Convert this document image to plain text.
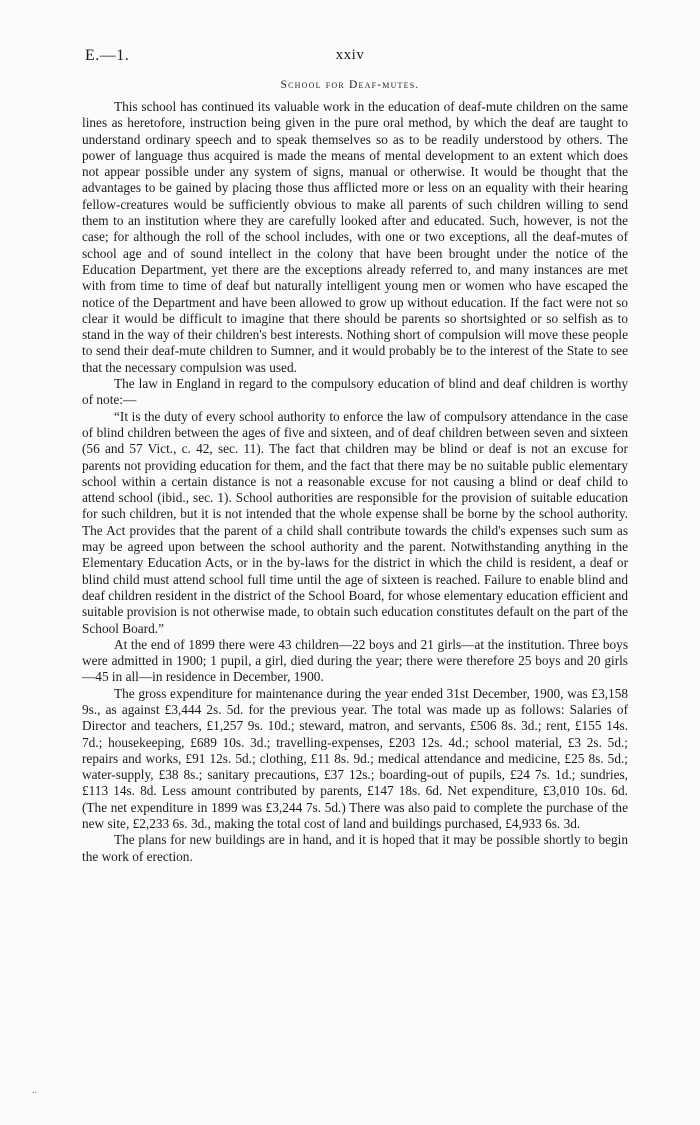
E.—1.	xxiv
School for Deaf-mutes.

This school has continued its valuable work in the education of deaf-mute children on the same lines as heretofore, instruction being given in the pure oral method, by which the deaf are taught to understand ordinary speech and to speak themselves so as to be readily understood by others. The power of language thus acquired is made the means of mental development to an extent which does not appear possible under any system of signs, manual or otherwise. It would be thought that the advantages to be gained by placing those thus afflicted more or less on an equality with their hearing fellow-creatures would be sufficiently obvious to make all parents of such children willing to send them to an institution where they are carefully looked after and educated. Such, however, is not the case; for although the roll of the school includes, with one or two exceptions, all the deaf-mutes of school age and of sound intellect in the colony that have been brought under the notice of the Education Department, yet there are the exceptions already referred to, and many instances are met with from time to time of deaf but naturally intelligent young men or women who have escaped the notice of the Department and have been allowed to grow up without education. If the fact were not so clear it would be difficult to imagine that there should be parents so shortsighted or so selfish as to stand in the way of their children's best interests. Nothing short of compulsion will move these people to send their deaf-mute children to Sumner, and it would probably be to the interest of the State to see that the necessary compulsion was used.

The law in England in regard to the compulsory education of blind and deaf children is worthy of note:—

“It is the duty of every school authority to enforce the law of compulsory attendance in the case of blind children between the ages of five and sixteen, and of deaf children between seven and sixteen (56 and 57 Vict., c. 42, sec. 11). The fact that children may be blind or deaf is not an excuse for parents not providing education for them, and the fact that there may be no suitable public elementary school within a certain distance is not a reasonable excuse for not causing a blind or deaf child to attend school (ibid., sec. 1). School authorities are responsible for the provision of suitable education for such children, but it is not intended that the whole expense shall be borne by the school authority. The Act provides that the parent of a child shall contribute towards the child's expenses such sum as may be agreed upon between the school authority and the parent. Notwithstanding anything in the Elementary Education Acts, or in the by-laws for the district in which the child is resident, a deaf or blind child must attend school full time until the age of sixteen is reached. Failure to enable blind and deaf children resident in the district of the School Board, for whose elementary education efficient and suitable provision is not otherwise made, to obtain such education constitutes default on the part of the School Board.”

At the end of 1899 there were 43 children—22 boys and 21 girls—at the institution. Three boys were admitted in 1900; 1 pupil, a girl, died during the year; there were therefore 25 boys and 20 girls—45 in all—in residence in December, 1900.

The gross expenditure for maintenance during the year ended 31st December, 1900, was £3,158 9s., as against £3,444 2s. 5d. for the previous year. The total was made up as follows: Salaries of Director and teachers, £1,257 9s. 10d.; steward, matron, and servants, £506 8s. 3d.; rent, £155 14s. 7d.; housekeeping, £689 10s. 3d.; travelling-expenses, £203 12s. 4d.; school material, £3 2s. 5d.; repairs and works, £91 12s. 5d.; clothing, £11 8s. 9d.; medical attendance and medicine, £25 8s. 5d.; water-supply, £38 8s.; sanitary precautions, £37 12s.; boarding-out of pupils, £24 7s. 1d.; sundries, £113 14s. 8d. Less amount contributed by parents, £147 18s. 6d. Net expenditure, £3,010 10s. 6d. (The net expenditure in 1899 was £3,244 7s. 5d.) There was also paid to complete the purchase of the new site, £2,233 6s. 3d., making the total cost of land and buildings purchased, £4,933 6s. 3d.

The plans for new buildings are in hand, and it is hoped that it may be possible shortly to begin the work of erection.

..
